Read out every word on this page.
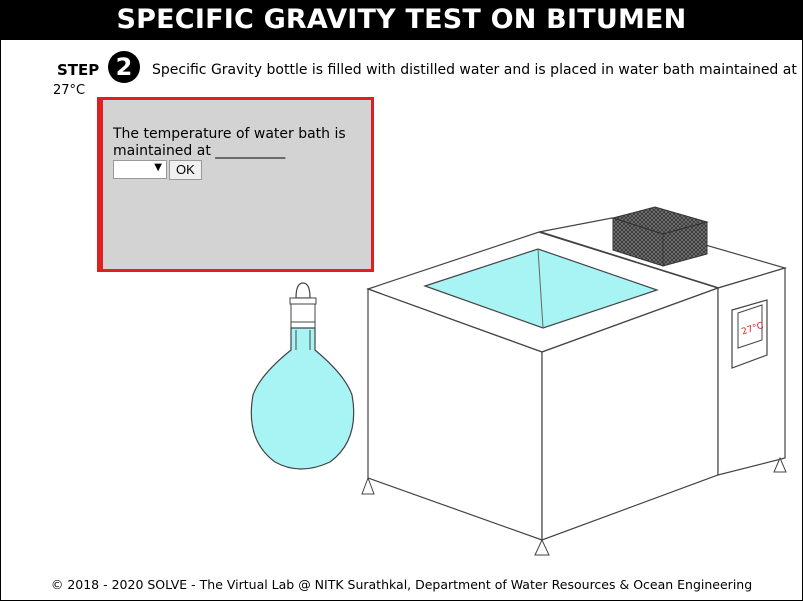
SPECIFIC GRAVITY TEST ON BITUMEN
STEP 2	Specific Gravity bottle is filled with distilled water and is placed in water bath maintained at
27°C
27°C
The temperature of water bath is maintained at __________
▼	OK
© 2018 - 2020 SOLVE - The Virtual Lab @ NITK Surathkal, Department of Water Resources & Ocean Engineering
